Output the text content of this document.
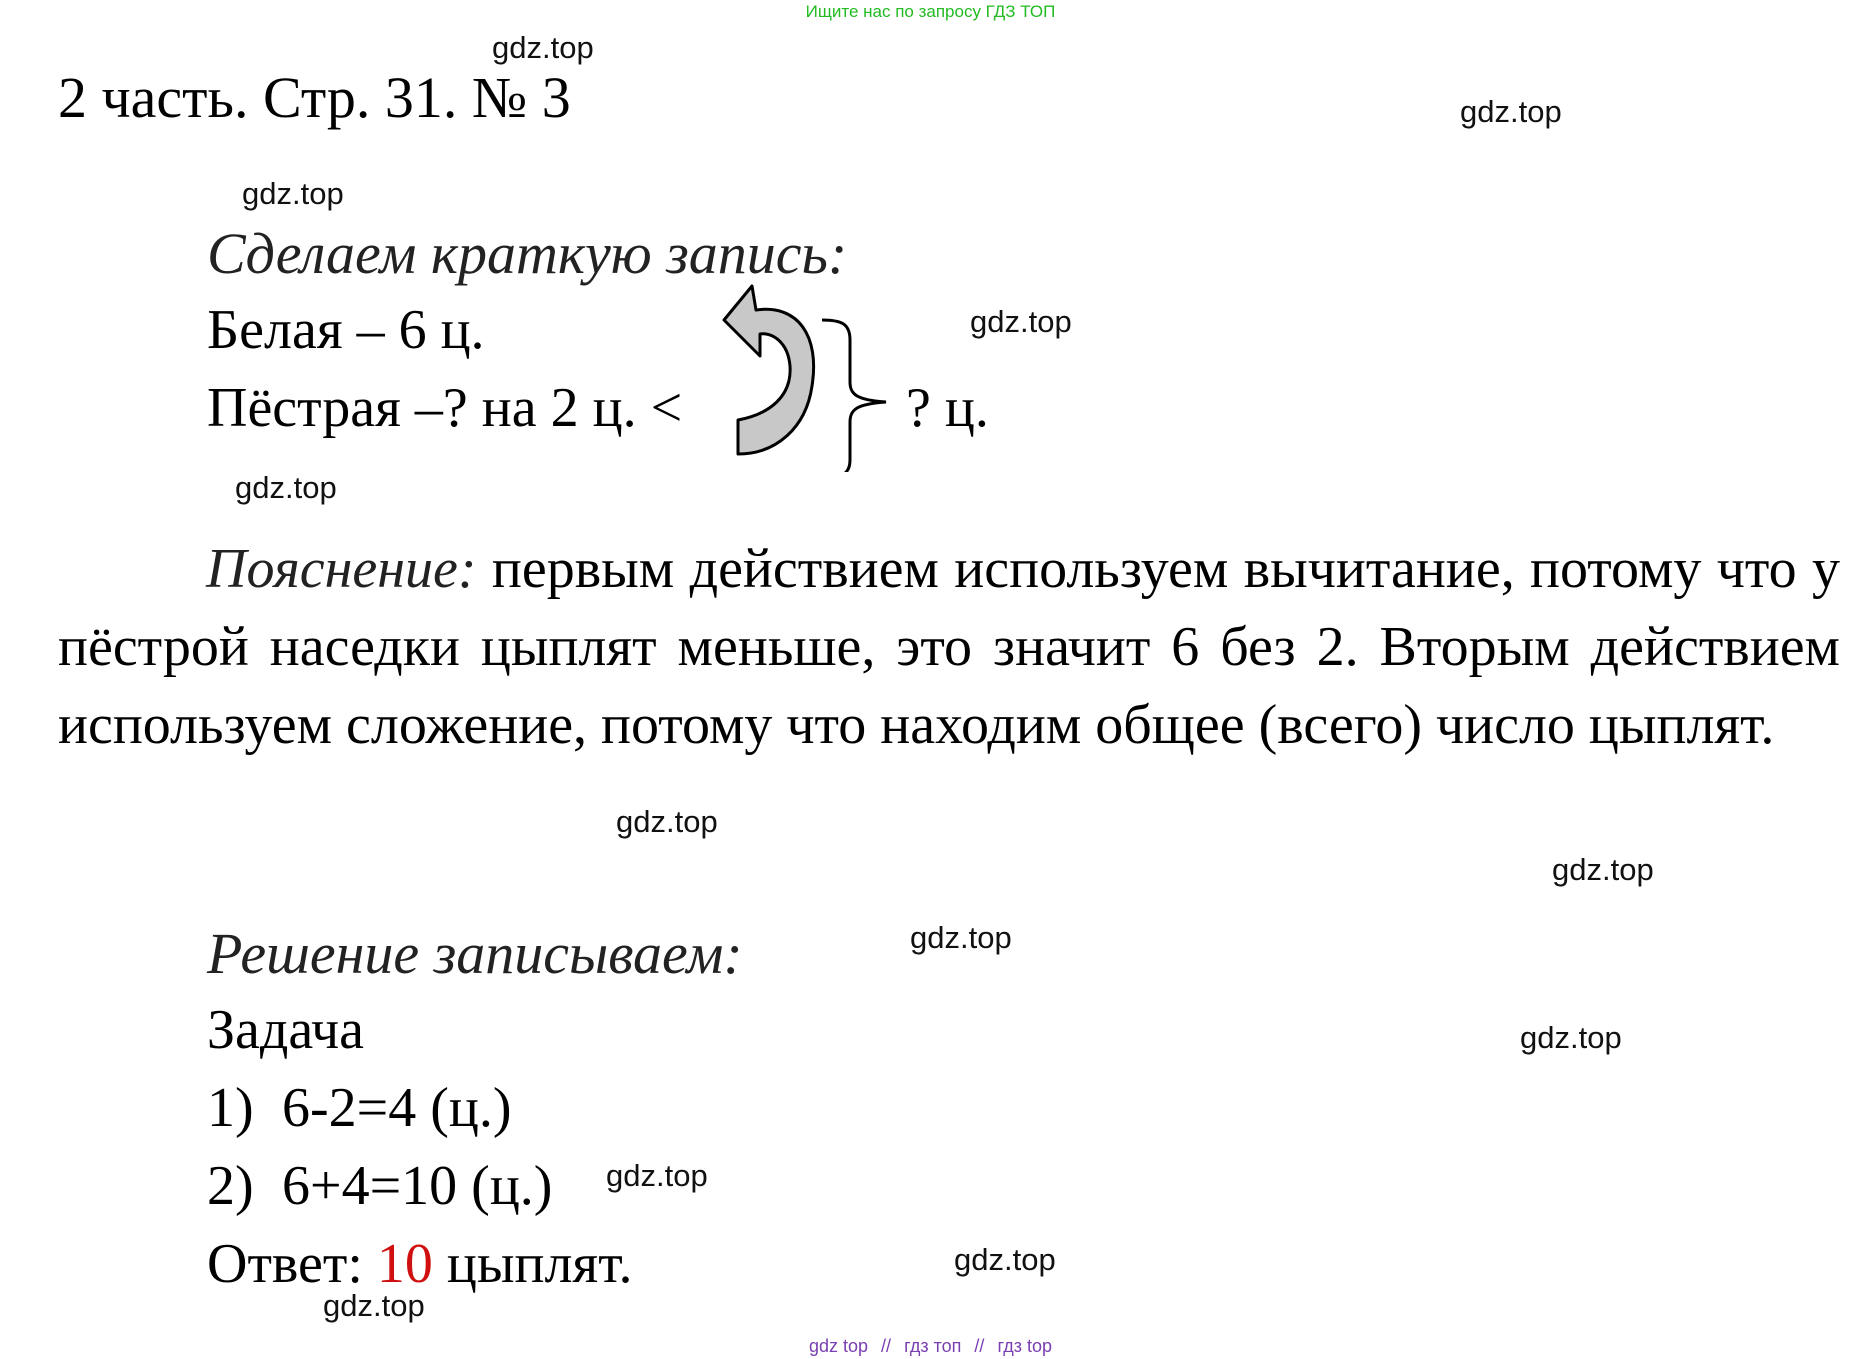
Ищите нас по запросу ГДЗ ТОП
2 часть. Стр. 31. № 3
Сделаем краткую запись:
Белая – 6 ц.
Пёстрая –? на 2 ц. <	? ц.
Пояснение: первым действием используем вычитание, потому что у пёстрой наседки цыплят меньше, это значит 6 без 2. Вторым действием используем сложение, потому что находим общее (всего) число цыплят.
Решение записываем:
Задача
1) 6-2=4 (ц.)
2) 6+4=10 (ц.)
Ответ: 10 цыплят.
gdz.top
gdz.top
gdz.top
gdz.top
gdz.top
gdz.top
gdz.top
gdz.top
gdz.top
gdz.top
gdz.top
gdz.top
gdz top // гдз топ // гдз top
